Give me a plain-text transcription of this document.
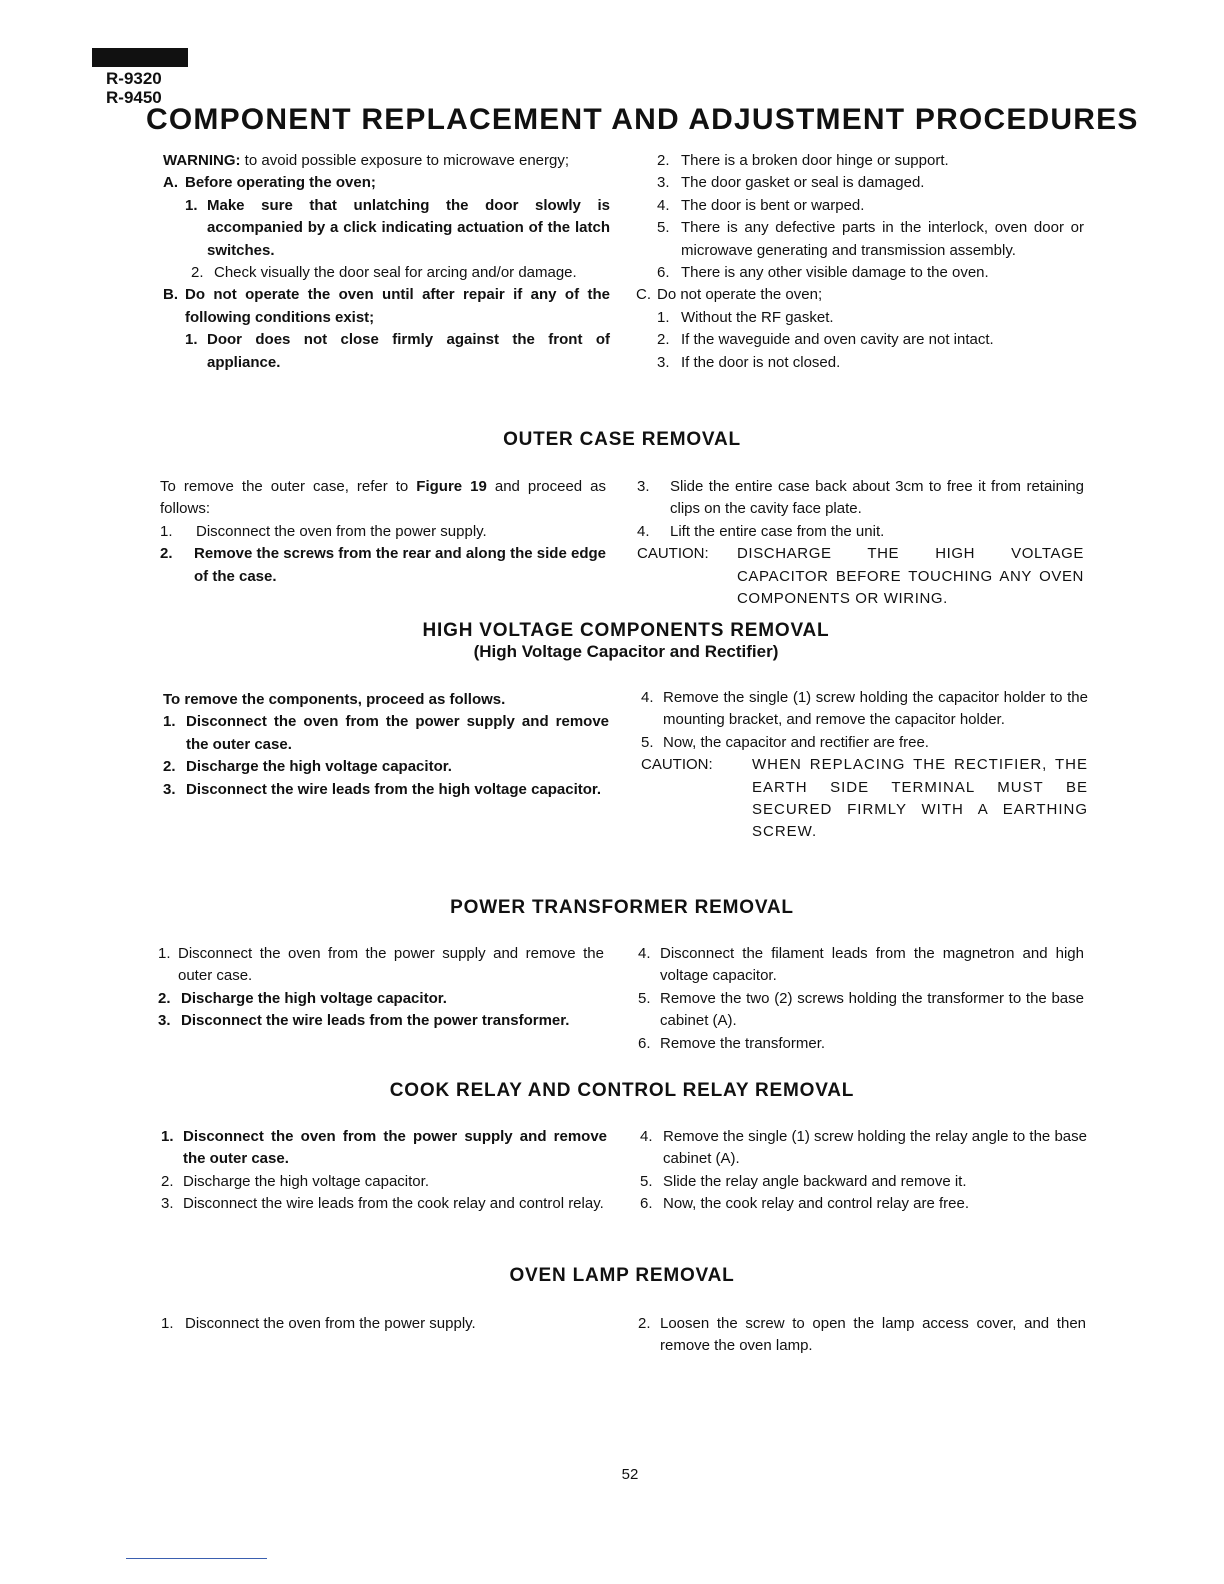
R-9320
R-9450
COMPONENT REPLACEMENT AND ADJUSTMENT PROCEDURES

WARNING: to avoid possible exposure to microwave energy;

A. Before operating the oven;
1. Make sure that unlatching the door slowly is accompanied by a click indicating actuation of the latch switches.
2. Check visually the door seal for arcing and/or damage.
B. Do not operate the oven until after repair if any of the following conditions exist;
1. Door does not close firmly against the front of appliance.
2. There is a broken door hinge or support.
3. The door gasket or seal is damaged.
4. The door is bent or warped.
5. There is any defective parts in the interlock, oven door or microwave generating and transmission assembly.
6. There is any other visible damage to the oven.
C. Do not operate the oven;
1. Without the RF gasket.
2. If the waveguide and oven cavity are not intact.
3. If the door is not closed.
OUTER CASE REMOVAL

To remove the outer case, refer to Figure 19 and proceed as follows:

1.	Disconnect the oven from the power supply.
2.	Remove the screws from the rear and along the side edge of the case.
3.	Slide the entire case back about 3cm to free it from retaining clips on the cavity face plate.
4.	Lift the entire case from the unit.
CAUTION:	DISCHARGE THE HIGH VOLTAGE CAPACITOR BEFORE TOUCHING ANY OVEN COMPONENTS OR WIRING.
HIGH VOLTAGE COMPONENTS REMOVAL
(High Voltage Capacitor and Rectifier)

To remove the components, proceed as follows.

1. Disconnect the oven from the power supply and remove the outer case.
2. Discharge the high voltage capacitor.
3. Disconnect the wire leads from the high voltage capacitor.
4. Remove the single (1) screw holding the capacitor holder to the mounting bracket, and remove the capacitor holder.
5. Now, the capacitor and rectifier are free.
CAUTION:	WHEN REPLACING THE RECTIFIER, THE EARTH SIDE TERMINAL MUST BE SECURED FIRMLY WITH A EARTHING SCREW.
POWER TRANSFORMER REMOVAL
1. Disconnect the oven from the power supply and remove the outer case.
2. Discharge the high voltage capacitor.
3. Disconnect the wire leads from the power transformer.
4. Disconnect the filament leads from the magnetron and high voltage capacitor.
5. Remove the two (2) screws holding the transformer to the base cabinet (A).
6. Remove the transformer.
COOK RELAY AND CONTROL RELAY REMOVAL
1. Disconnect the oven from the power supply and remove the outer case.
2. Discharge the high voltage capacitor.
3. Disconnect the wire leads from the cook relay and control relay.
4. Remove the single (1) screw holding the relay angle to the base cabinet (A).
5. Slide the relay angle backward and remove it.
6. Now, the cook relay and control relay are free.
OVEN LAMP REMOVAL
1. Disconnect the oven from the power supply.	2. Loosen the screw to open the lamp access cover, and then remove the oven lamp.
52
